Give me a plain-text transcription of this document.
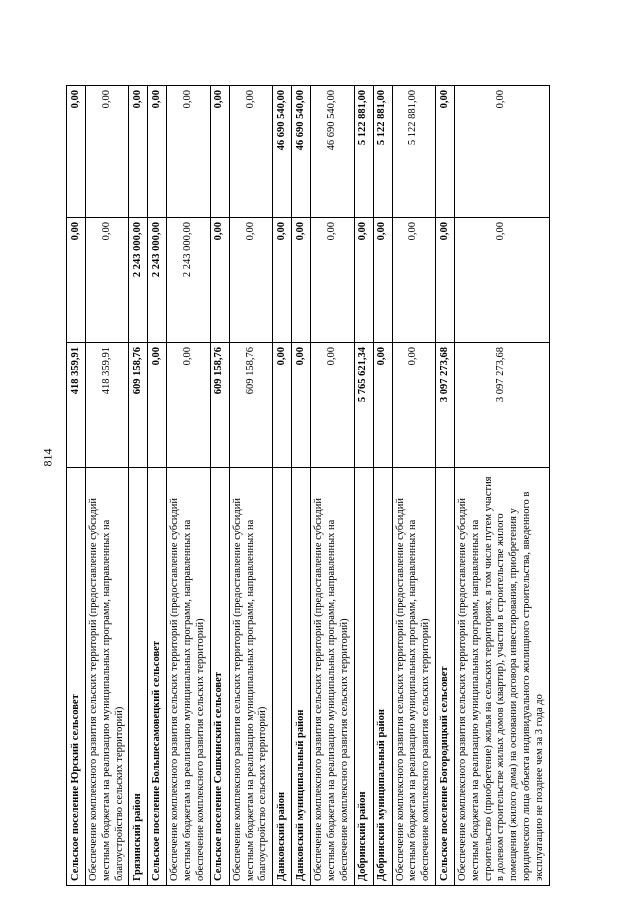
814
Сельское поселение Юрский сельсовет	418 359,91	0,00	0,00
Обеспечение комплексного развития сельских территорий (предоставление субсидий местным бюджетам на реализацию муниципальных программ, направленных на благоустройство сельских территорий)	418 359,91	0,00	0,00
Грязинский район	609 158,76	2 243 000,00	0,00
Сельское поселение Большесамовецкий сельсовет	0,00	2 243 000,00	0,00
Обеспечение комплексного развития сельских территорий (предоставление субсидий местным бюджетам на реализацию муниципальных программ, направленных на обеспечение комплексного развития сельских территорий)	0,00	2 243 000,00	0,00
Сельское поселение Сошкинский сельсовет	609 158,76	0,00	0,00
Обеспечение комплексного развития сельских территорий (предоставление субсидий местным бюджетам на реализацию муниципальных программ, направленных на благоустройство сельских территорий)	609 158,76	0,00	0,00
Данковский район	0,00	0,00	46 690 540,00
Данковский муниципальный район	0,00	0,00	46 690 540,00
Обеспечение комплексного развития сельских территорий (предоставление субсидий местным бюджетам на реализацию муниципальных программ, направленных на обеспечение комплексного развития сельских территорий)	0,00	0,00	46 690 540,00
Добринский район	5 765 621,34	0,00	5 122 881,00
Добринский муниципальный район	0,00	0,00	5 122 881,00
Обеспечение комплексного развития сельских территорий (предоставление субсидий местным бюджетам на реализацию муниципальных программ, направленных на обеспечение комплексного развития сельских территорий)	0,00	0,00	5 122 881,00
Сельское поселение Богородицкий сельсовет	3 097 273,68	0,00	0,00
Обеспечение комплексного развития сельских территорий (предоставление субсидий местным бюджетам на реализацию муниципальных программ, направленных на строительство (приобретение) жилья на сельских территориях, в том числе путем участия в долевом строительстве жилых домов (квартир), участия в строительстве жилого помещения (жилого дома) на основании договора инвестирования, приобретения у юридического лица объекта индивидуального жилищного строительства, введенного в эксплуатацию не позднее чем за 3 года до	3 097 273,68	0,00	0,00
